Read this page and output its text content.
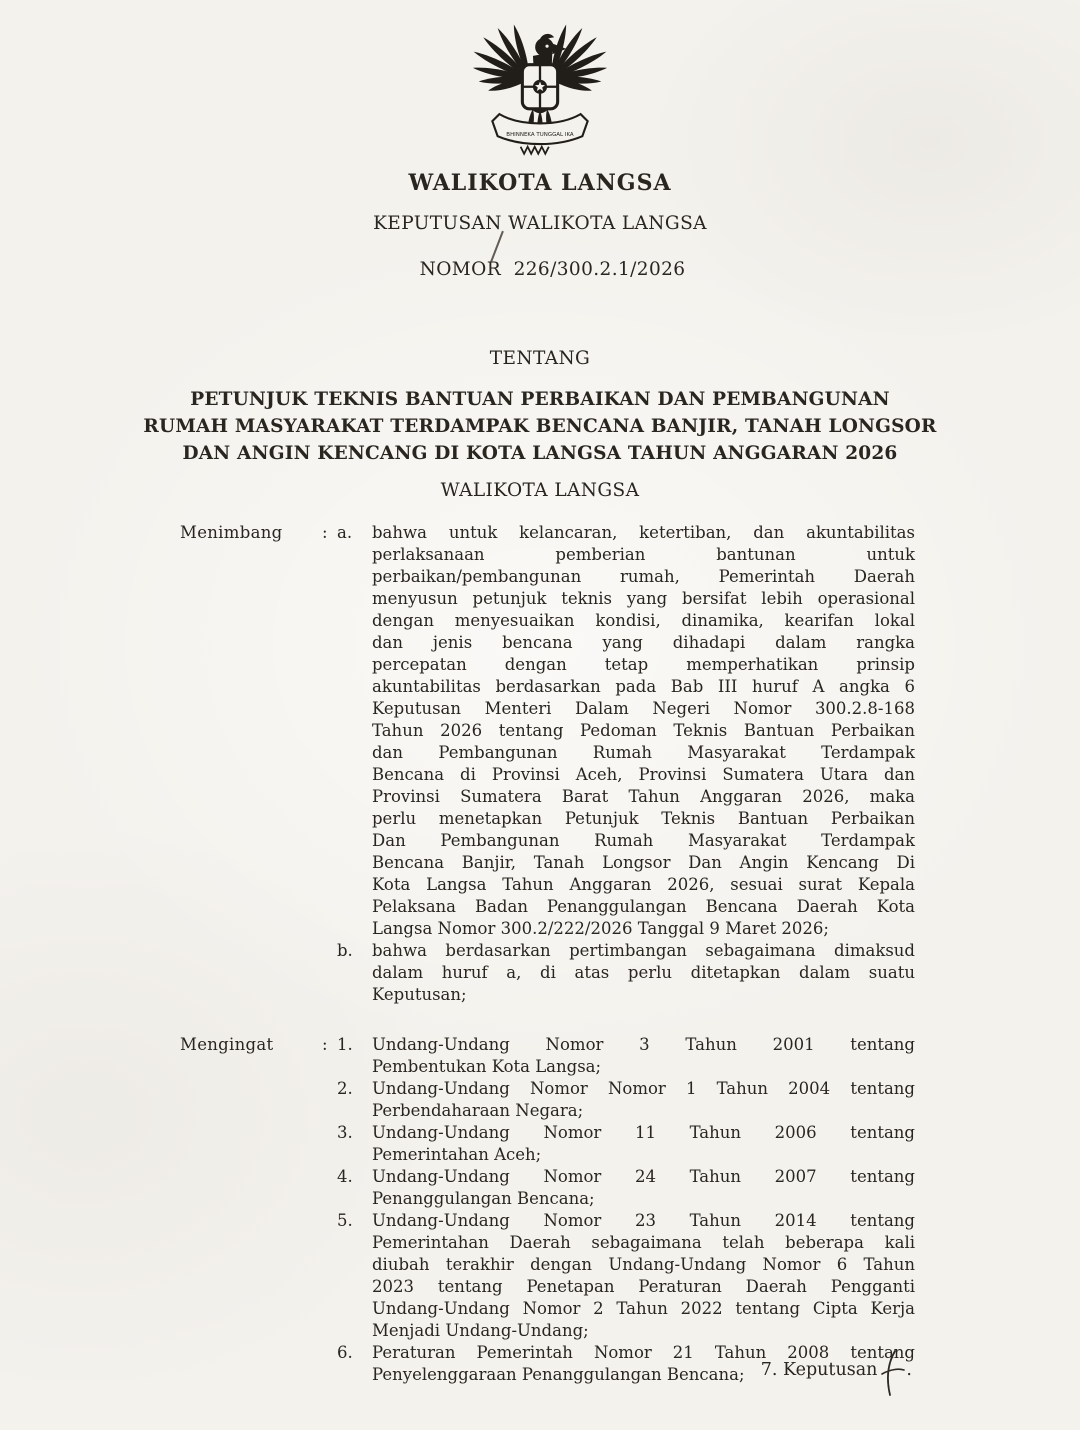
BHINNEKA TUNGGAL IKA
WALIKOTA LANGSA
KEPUTUSAN WALIKOTA LANGSA

NOMOR  226/300.2.1/2026

TENTANG
PETUNJUK TEKNIS BANTUAN PERBAIKAN DAN PEMBANGUNAN
RUMAH MASYARAKAT TERDAMPAK BENCANA BANJIR, TANAH LONGSOR
DAN ANGIN KENCANG DI KOTA LANGSA TAHUN ANGGARAN 2026
WALIKOTA LANGSA
Menimbang	: a.	bahwa untuk kelancaran, ketertiban, dan akuntabilitas
perlaksanaan pemberian bantunan untuk
perbaikan/pembangunan rumah, Pemerintah Daerah
menyusun petunjuk teknis yang bersifat lebih operasional
dengan menyesuaikan kondisi, dinamika, kearifan lokal
dan jenis bencana yang dihadapi dalam rangka
percepatan dengan tetap memperhatikan prinsip
akuntabilitas berdasarkan pada Bab III huruf A angka 6
Keputusan Menteri Dalam Negeri Nomor 300.2.8-168
Tahun 2026 tentang Pedoman Teknis Bantuan Perbaikan
dan Pembangunan Rumah Masyarakat Terdampak
Bencana di Provinsi Aceh, Provinsi Sumatera Utara dan
Provinsi Sumatera Barat Tahun Anggaran 2026, maka
perlu menetapkan Petunjuk Teknis Bantuan Perbaikan
Dan Pembangunan Rumah Masyarakat Terdampak
Bencana Banjir, Tanah Longsor Dan Angin Kencang Di
Kota Langsa Tahun Anggaran 2026, sesuai surat Kepala
Pelaksana Badan Penanggulangan Bencana Daerah Kota
Langsa Nomor 300.2/222/2026 Tanggal 9 Maret 2026;
b.	bahwa berdasarkan pertimbangan sebagaimana dimaksud
dalam huruf a, di atas perlu ditetapkan dalam suatu
Keputusan;
Mengingat	: 1.	Undang-Undang Nomor 3 Tahun 2001 tentang
Pembentukan Kota Langsa;
2.	Undang-Undang Nomor Nomor 1 Tahun 2004 tentang
Perbendaharaan Negara;
3.	Undang-Undang Nomor 11 Tahun 2006 tentang
Pemerintahan Aceh;
4.	Undang-Undang Nomor 24 Tahun 2007 tentang
Penanggulangan Bencana;
5.	Undang-Undang Nomor 23 Tahun 2014 tentang
Pemerintahan Daerah sebagaimana telah beberapa kali
diubah terakhir dengan Undang-Undang Nomor 6 Tahun
2023 tentang Penetapan Peraturan Daerah Pengganti
Undang-Undang Nomor 2 Tahun 2022 tentang Cipta Kerja
Menjadi Undang-Undang;
6.	Peraturan Pemerintah Nomor 21 Tahun 2008 tentang
Penyelenggaraan Penanggulangan Bencana; 7. Keputusan .
